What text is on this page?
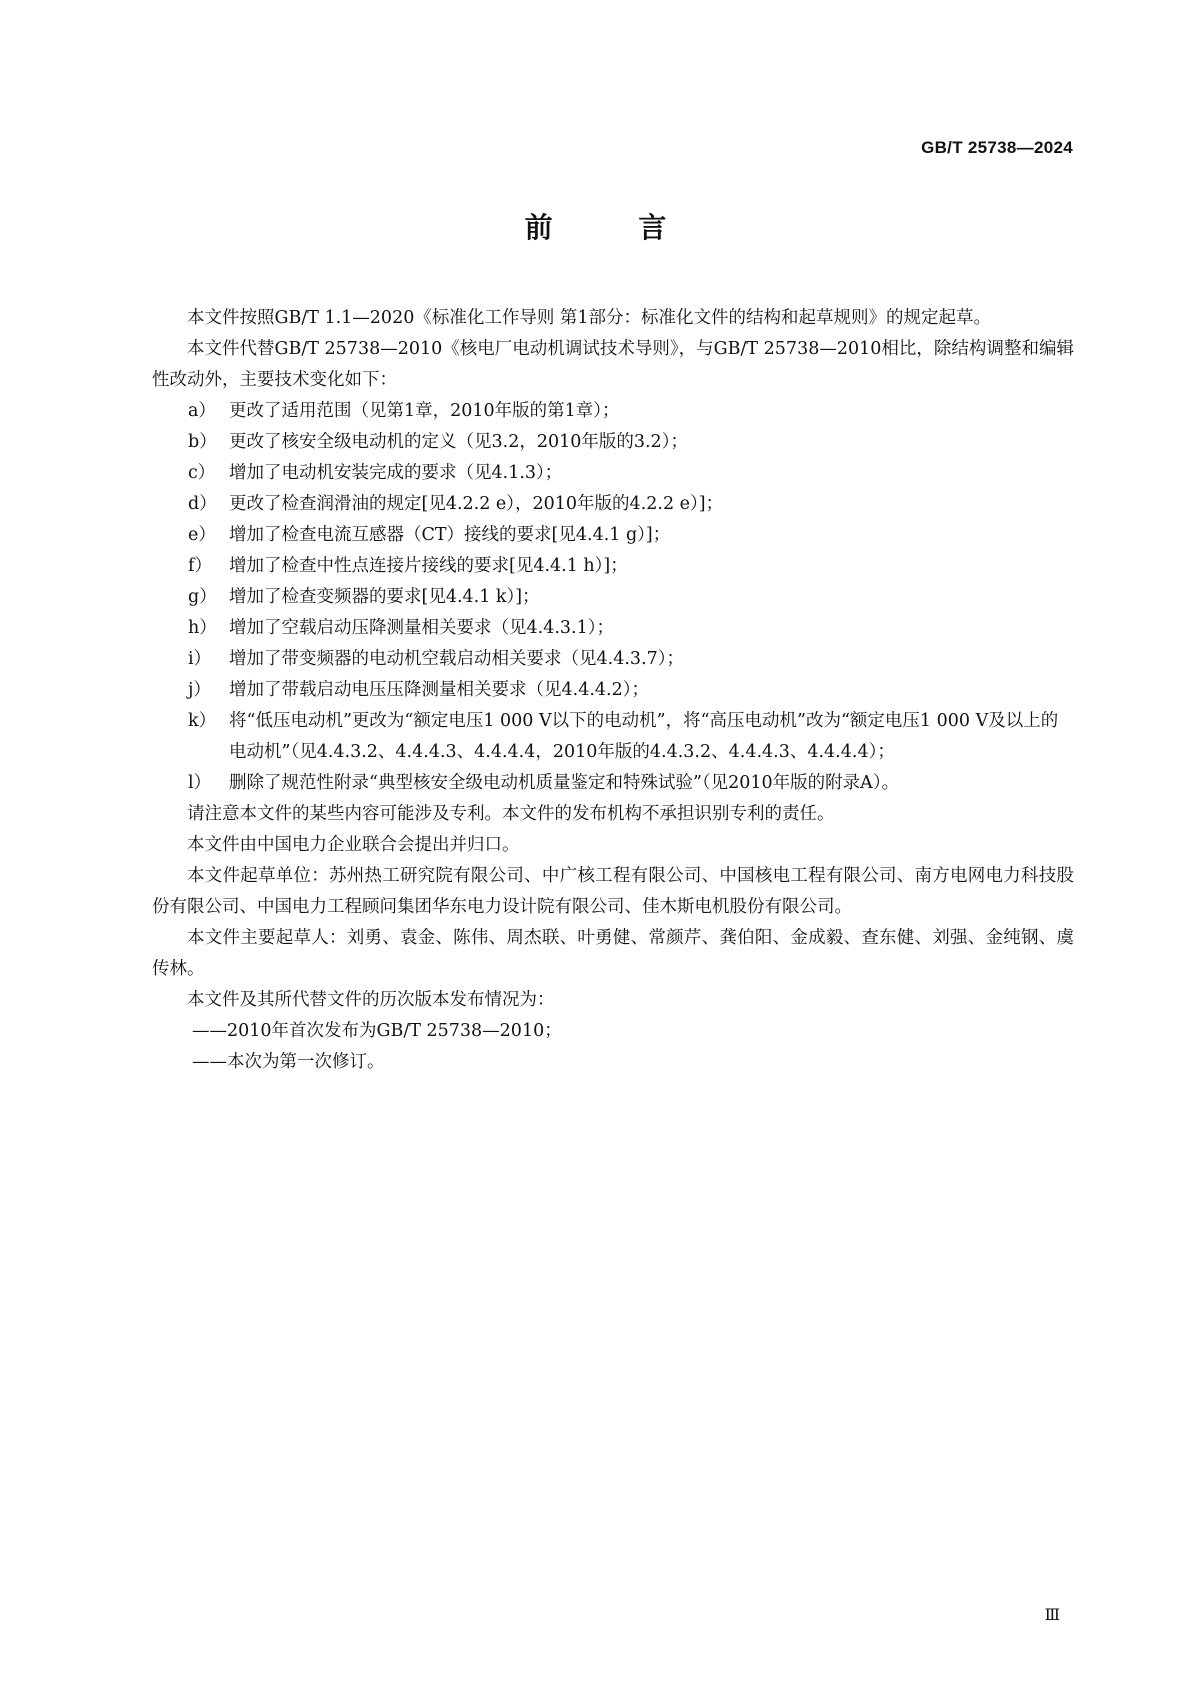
GB/T 25738—2024
前 言

本文件按照GB/T 1.1—2020《标准化工作导则 第1部分：标准化文件的结构和起草规则》的规定起草。

本文件代替GB/T 25738—2010《核电厂电动机调试技术导则》，与GB/T 25738—2010相比，除结构调整和编辑性改动外，主要技术变化如下：

a） 更改了适用范围（见第1章，2010年版的第1章）；
b） 更改了核安全级电动机的定义（见3.2，2010年版的3.2）；
c） 增加了电动机安装完成的要求（见4.1.3）；
d） 更改了检查润滑油的规定[见4.2.2 e），2010年版的4.2.2 e）]；
e） 增加了检查电流互感器（CT）接线的要求[见4.4.1 g）]；
f） 增加了检查中性点连接片接线的要求[见4.4.1 h）]；
g） 增加了检查变频器的要求[见4.4.1 k）]；
h） 增加了空载启动压降测量相关要求（见4.4.3.1）；
i） 增加了带变频器的电动机空载启动相关要求（见4.4.3.7）；
j） 增加了带载启动电压压降测量相关要求（见4.4.4.2）；
k） 将“低压电动机”更改为“额定电压1 000 V以下的电动机”，将“高压电动机”改为“额定电压1 000 V及以上的电动机”（见4.4.3.2、4.4.4.3、4.4.4.4，2010年版的4.4.3.2、4.4.4.3、4.4.4.4）；
l） 删除了规范性附录“典型核安全级电动机质量鉴定和特殊试验”（见2010年版的附录A）。

请注意本文件的某些内容可能涉及专利。本文件的发布机构不承担识别专利的责任。

本文件由中国电力企业联合会提出并归口。

本文件起草单位：苏州热工研究院有限公司、中广核工程有限公司、中国核电工程有限公司、南方电网电力科技股份有限公司、中国电力工程顾问集团华东电力设计院有限公司、佳木斯电机股份有限公司。

本文件主要起草人：刘勇、袁金、陈伟、周杰联、叶勇健、常颜芹、龚伯阳、金成毅、查东健、刘强、金纯钢、虞传林。

本文件及其所代替文件的历次版本发布情况为：

——2010年首次发布为GB/T 25738—2010；

——本次为第一次修订。

Ⅲ
